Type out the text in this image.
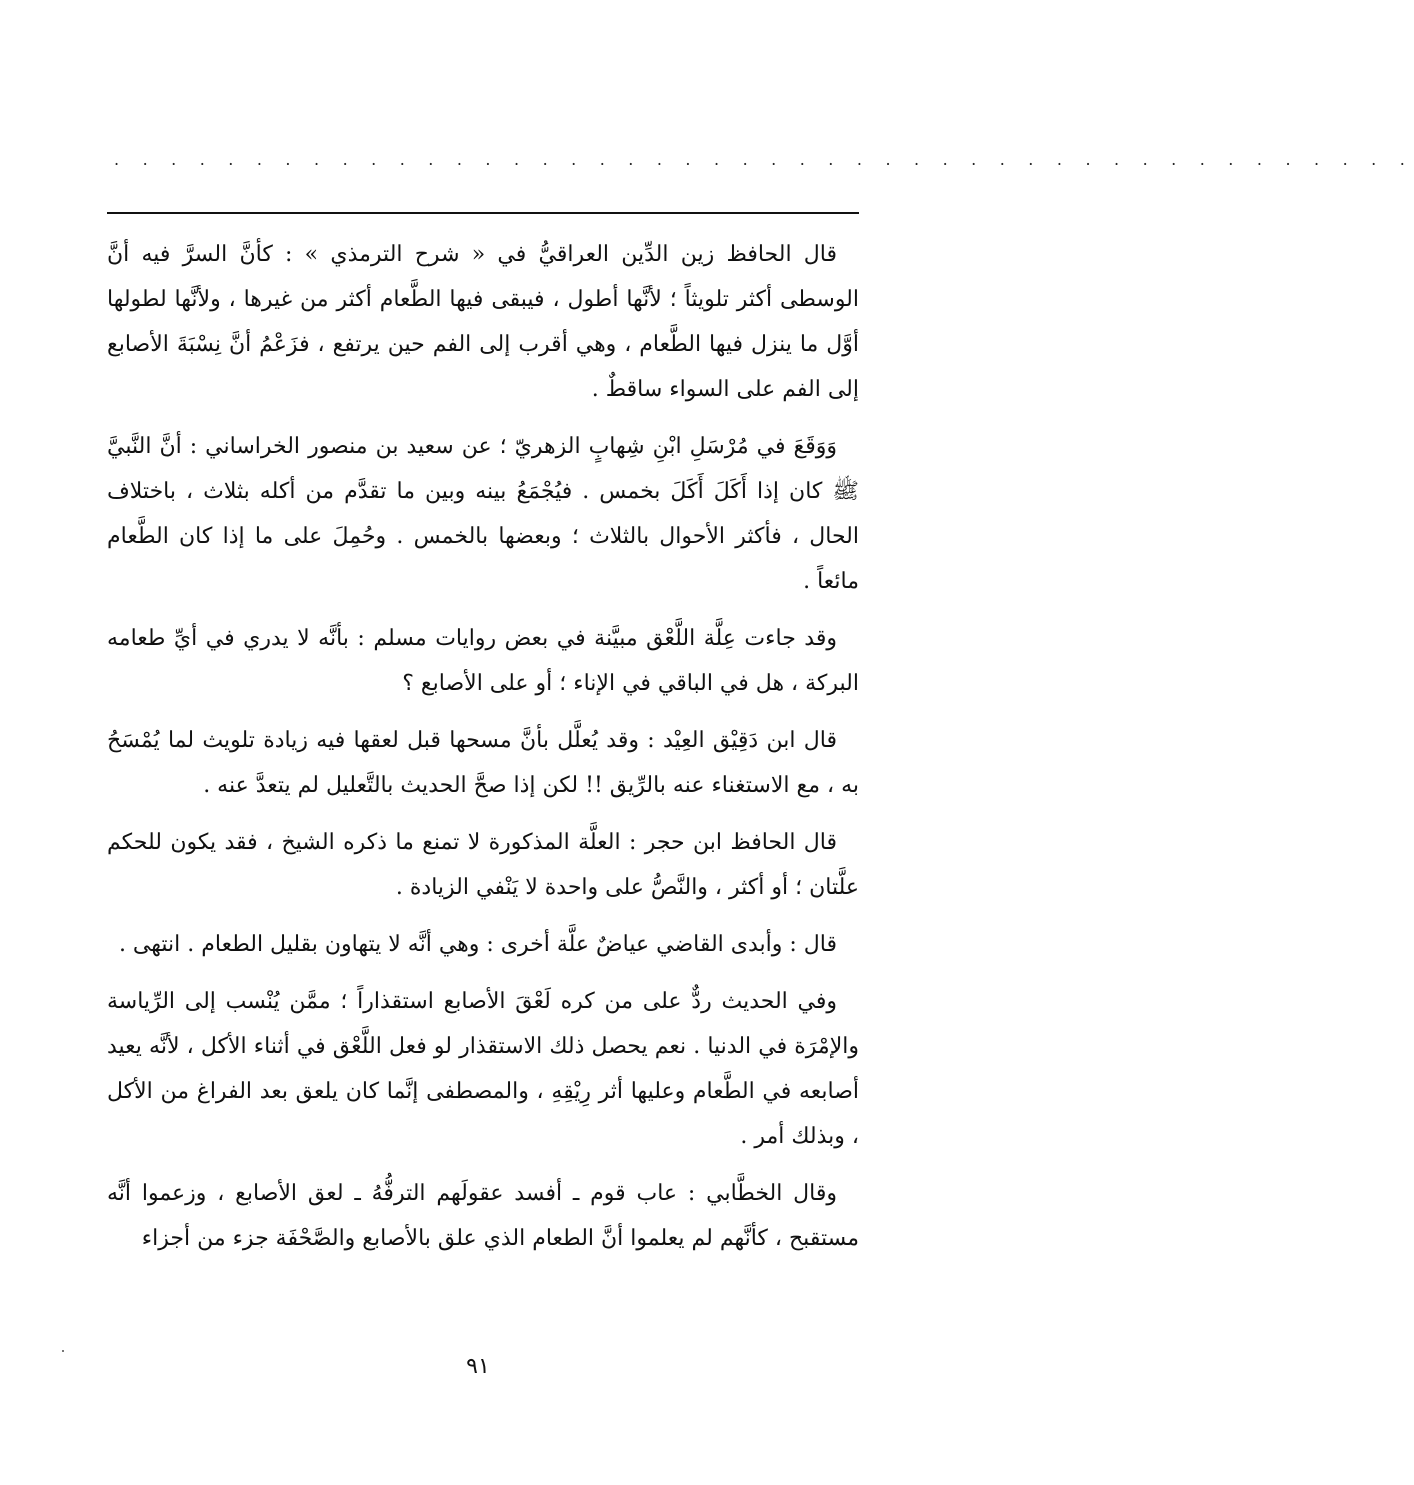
. . . . . . . . . . . . . . . . . . . . . . . . . . . . . . . . . . . . . . . . . . . . . .

قال الحافظ زين الدِّين العراقيُّ في « شرح الترمذي » : كأنَّ السرَّ فيه أنَّ الوسطى أكثر تلويثاً ؛ لأنَّها أطول ، فيبقى فيها الطَّعام أكثر من غيرها ، ولأنَّها لطولها أوَّل ما ينزل فيها الطَّعام ، وهي أقرب إلى الفم حين يرتفع ، فزَعْمُ أنَّ نِسْبَةَ الأصابع إلى الفم على السواء ساقطٌ .

وَوَقَعَ في مُرْسَلِ ابْنِ شِهابٍ الزهريّ ؛ عن سعيد بن منصور الخراساني : أنَّ النَّبيَّ ﷺ كان إذا أَكَلَ أَكَلَ بخمس . فيُجْمَعُ بينه وبين ما تقدَّم من أكله بثلاث ، باختلاف الحال ، فأكثر الأحوال بالثلاث ؛ وبعضها بالخمس . وحُمِلَ على ما إذا كان الطَّعام مائعاً .

وقد جاءت عِلَّة اللَّعْق مبيَّنة في بعض روايات مسلم : بأنَّه لا يدري في أيِّ طعامه البركة ، هل في الباقي في الإناء ؛ أو على الأصابع ؟

قال ابن دَقِيْق العِيْد : وقد يُعلَّل بأنَّ مسحها قبل لعقها فيه زيادة تلويث لما يُمْسَحُ به ، مع الاستغناء عنه بالرِّيق !! لكن إذا صحَّ الحديث بالتَّعليل لم يتعدَّ عنه .

قال الحافظ ابن حجر : العلَّة المذكورة لا تمنع ما ذكره الشيخ ، فقد يكون للحكم علَّتان ؛ أو أكثر ، والنَّصُّ على واحدة لا يَنْفي الزيادة .

قال : وأبدى القاضي عياضٌ علَّة أخرى : وهي أنَّه لا يتهاون بقليل الطعام . انتهى .

وفي الحديث ردٌّ على من كره لَعْقَ الأصابع استقذاراً ؛ ممَّن يُنْسب إلى الرِّياسة والإمْرَة في الدنيا . نعم يحصل ذلك الاستقذار لو فعل اللَّعْق في أثناء الأكل ، لأنَّه يعيد أصابعه في الطَّعام وعليها أثر رِيْقِهِ ، والمصطفى إنَّما كان يلعق بعد الفراغ من الأكل ، وبذلك أمر .

وقال الخطَّابي : عاب قوم ـ أفسد عقولَهم الترفُّهُ ـ لعق الأصابع ، وزعموا أنَّه مستقبح ، كأنَّهم لم يعلموا أنَّ الطعام الذي علق بالأصابع والصَّحْفَة جزء من أجزاء

٩١
